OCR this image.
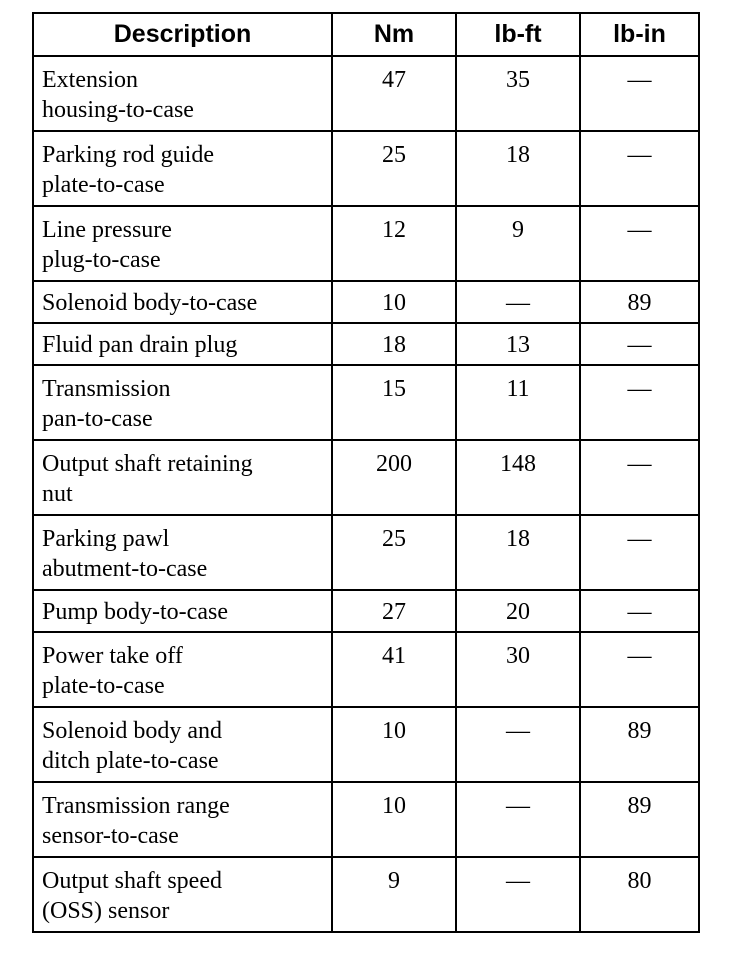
Description	Nm	lb-ft	lb-in

Extension
housing-to-case	47	35	—

Parking rod guide
plate-to-case	25	18	—

Line pressure
plug-to-case	12	9	—

Solenoid body-to-case	10	—	89

Fluid pan drain plug	18	13	—

Transmission
pan-to-case	15	11	—

Output shaft retaining
nut	200	148	—

Parking pawl
abutment-to-case	25	18	—

Pump body-to-case	27	20	—

Power take off
plate-to-case	41	30	—

Solenoid body and
ditch plate-to-case	10	—	89

Transmission range
sensor-to-case	10	—	89

Output shaft speed
(OSS) sensor	9	—	80
